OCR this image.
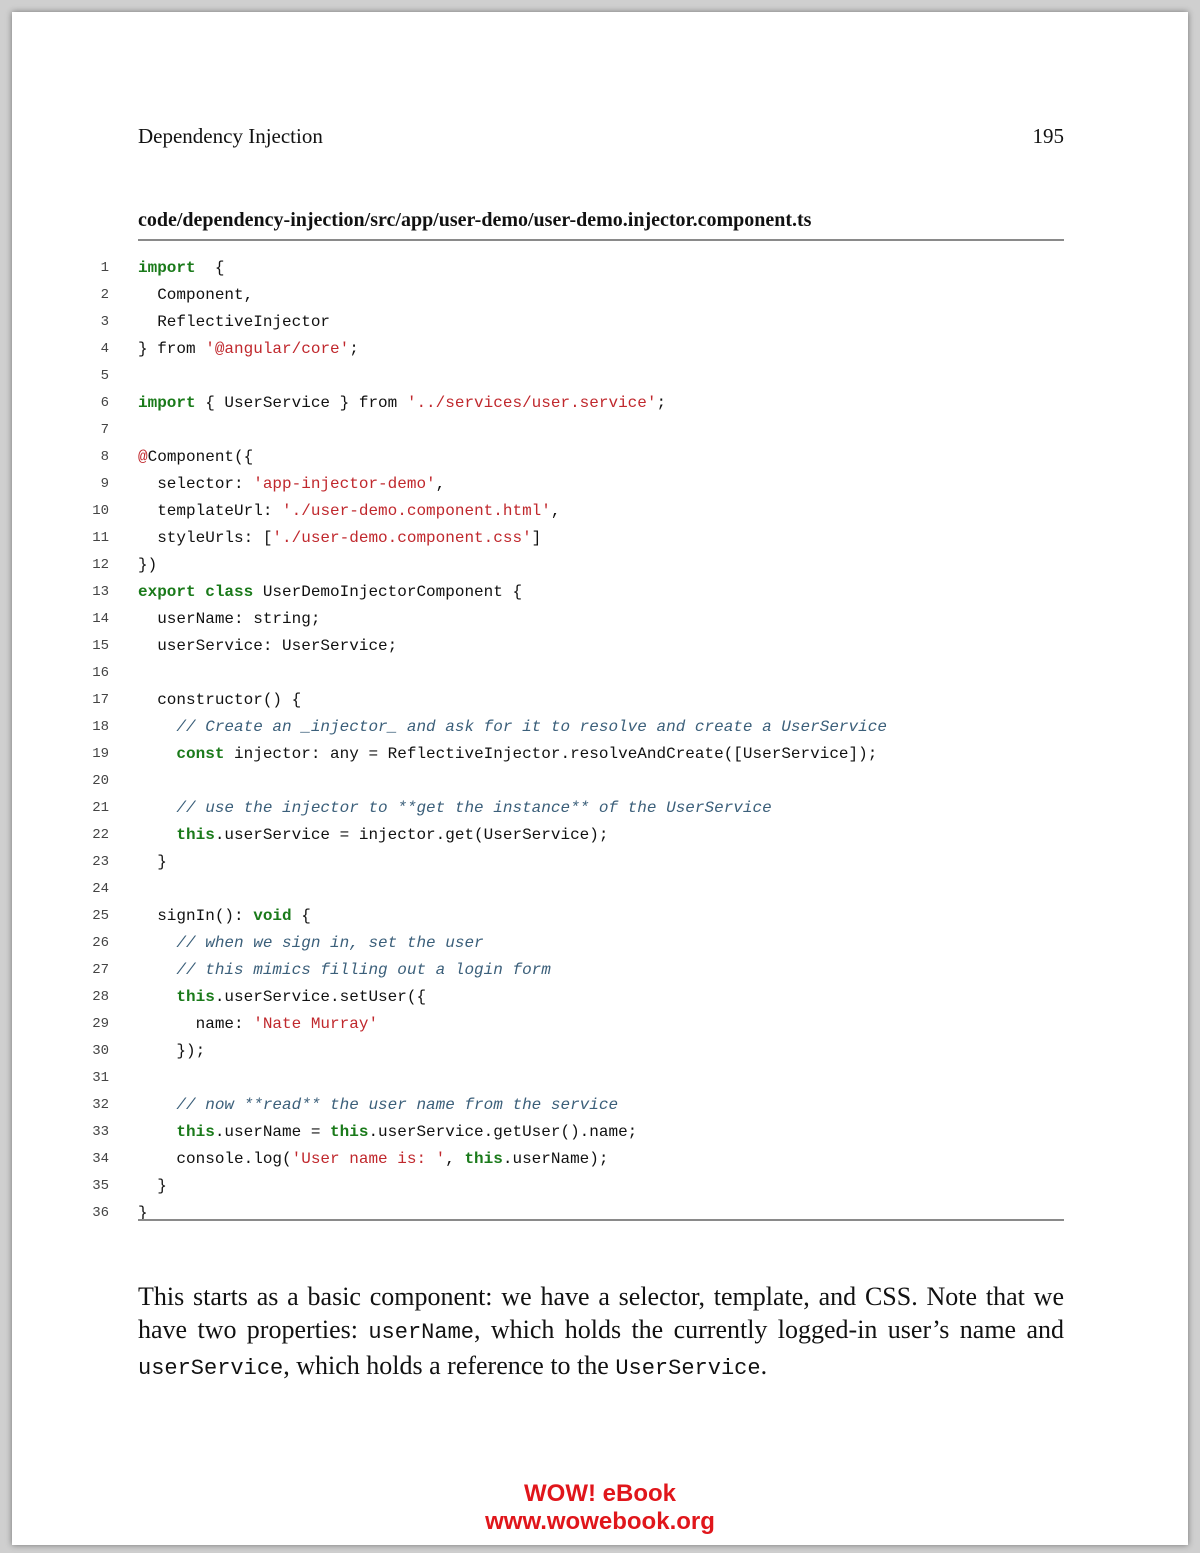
Dependency Injection	195
code/dependency-injection/src/app/user-demo/user-demo.injector.component.ts
1 import  {
2 Component,
3 ReflectiveInjector
4 } from '@angular/core';
5
6 import { UserService } from '../services/user.service';
7
8 @Component({
9 selector: 'app-injector-demo',
10 templateUrl: './user-demo.component.html',
11 styleUrls: ['./user-demo.component.css']
12 })
13 export class UserDemoInjectorComponent {
14 userName: string;
15 userService: UserService;
16
17 constructor() {
18	// Create an _injector_ and ask for it to resolve and create a UserService
19	const injector: any = ReflectiveInjector.resolveAndCreate([UserService]);
20
21	// use the injector to **get the instance** of the UserService
22	this.userService = injector.get(UserService);
23 }
24
25 signIn(): void {
26	// when we sign in, set the user
27	// this mimics filling out a login form
28	this.userService.setUser({
29 name: 'Nate Murray'
30 });
31
32	// now **read** the user name from the service
33	this.userName = this.userService.getUser().name;
34 console.log('User name is: ', this.userName);
35 }
36 }
This starts as a basic component: we have a selector, template, and CSS. Note that we have two properties: userName, which holds the currently logged-in user’s name and userService, which holds a reference to the UserService.
WOW! eBook
www.wowebook.org
